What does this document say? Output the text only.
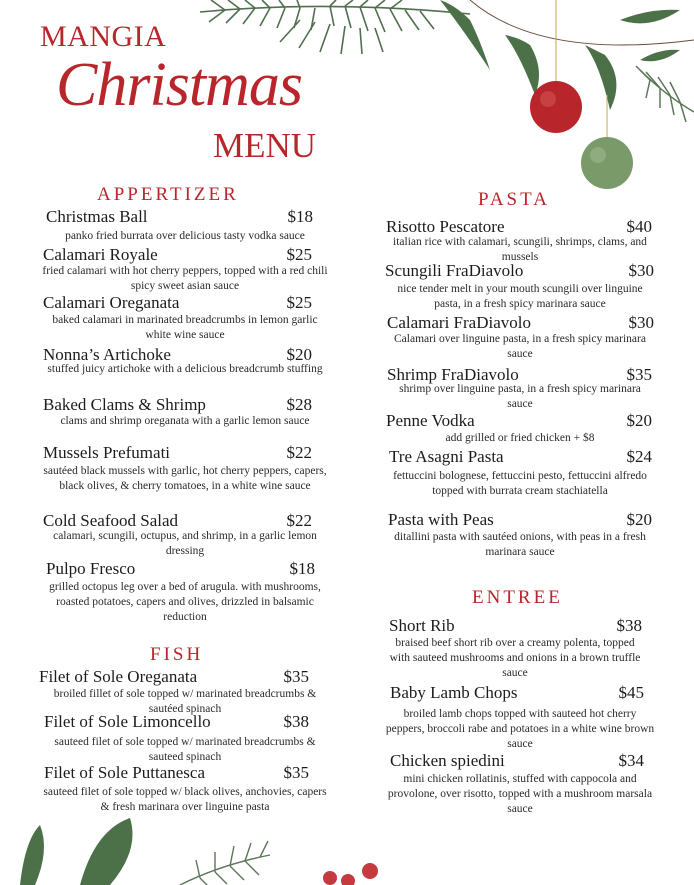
MANGIA
Christmas
MENU
APPERTIZER
Christmas Ball	$18
panko fried burrata over delicious tasty vodka sauce
Calamari Royale	$25
fried calamari with hot cherry peppers, topped with a red chili spicy sweet asian sauce
Calamari Oreganata	$25
baked calamari in marinated breadcrumbs in lemon garlic white wine sauce
Nonna’s Artichoke	$20
stuffed juicy artichoke with a delicious breadcrumb stuffing
Baked Clams & Shrimp	$28
clams and shrimp oreganata with a garlic lemon sauce
Mussels Prefumati	$22
sautéed black mussels with garlic, hot cherry peppers, capers, black olives, & cherry tomatoes, in a white wine sauce
Cold Seafood Salad	$22
calamari, scungili, octupus, and shrimp, in a garlic lemon dressing
Pulpo Fresco	$18
grilled octopus leg over a bed of arugula. with mushrooms, roasted potatoes, capers and olives, drizzled in balsamic reduction
FISH
Filet of Sole Oreganata	$35
broiled fillet of sole topped w/ marinated breadcrumbs & sautéed spinach
Filet of Sole Limoncello	$38
sauteed filet of sole topped w/ marinated breadcrumbs & sauteed spinach
Filet of Sole Puttanesca	$35
sauteed filet of sole topped w/ black olives, anchovies, capers & fresh marinara over linguine pasta
PASTA
Risotto Pescatore	$40
italian rice with calamari, scungili, shrimps, clams, and mussels
Scungili FraDiavolo	$30
nice tender melt in your mouth scungili over linguine pasta, in a fresh spicy marinara sauce
Calamari FraDiavolo	$30
Calamari over linguine pasta, in a fresh spicy marinara sauce
Shrimp FraDiavolo	$35
shrimp over linguine pasta, in a fresh spicy marinara sauce
Penne Vodka	$20
add grilled or fried chicken + $8
Tre Asagni Pasta	$24
fettuccini bolognese, fettuccini pesto, fettuccini alfredo topped with burrata cream stachiatella
Pasta with Peas	$20
ditallini pasta with sautéed onions, with peas in a fresh marinara sauce
ENTREE
Short Rib	$38
braised beef short rib over a creamy polenta, topped with sauteed mushrooms and onions in a brown truffle sauce
Baby Lamb Chops	$45
broiled lamb chops topped with sauteed hot cherry peppers, broccoli rabe and potatoes in a white wine brown sauce
Chicken spiedini	$34
mini chicken rollatinis, stuffed with cappocola and provolone, over risotto, topped with a mushroom marsala sauce
